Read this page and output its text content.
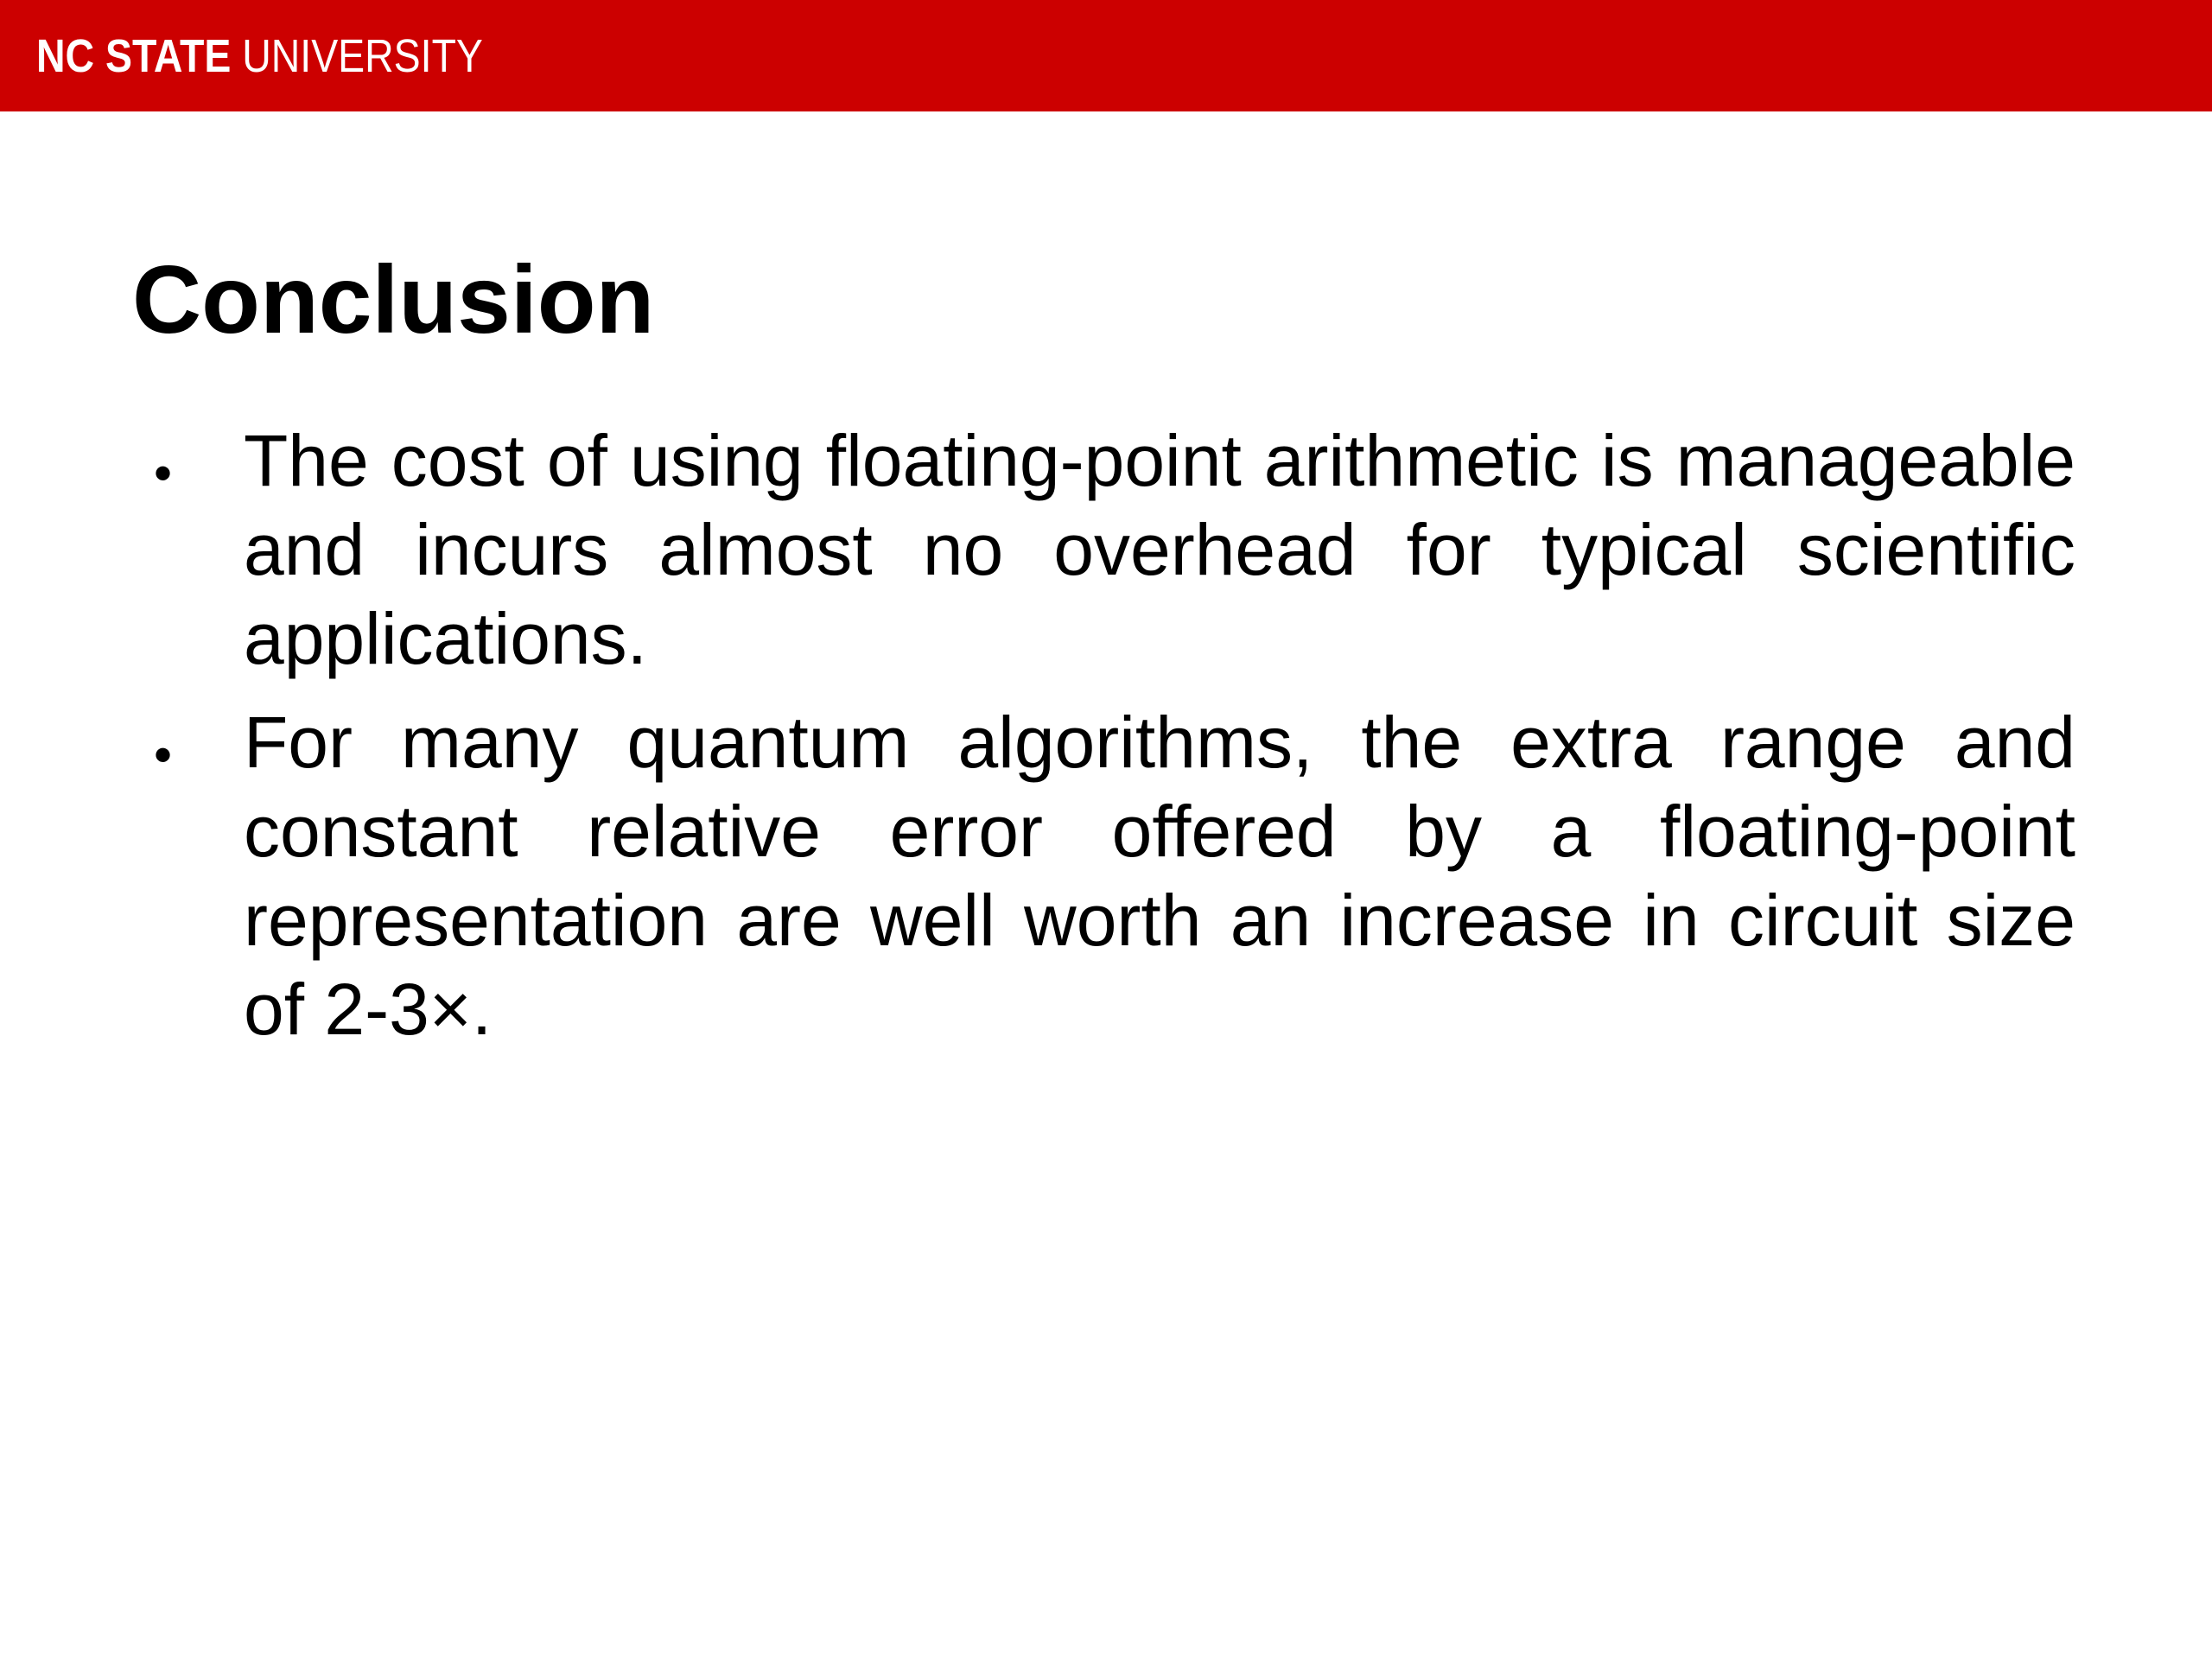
NC STATE UNIVERSITY
Conclusion
• The cost of using floating-point arithmetic is manageable and incurs almost no overhead for typical scientific applications.

• For many quantum algorithms, the extra range and constant relative error offered by a floating-point representation are well worth an increase in circuit size of 2-3×.
